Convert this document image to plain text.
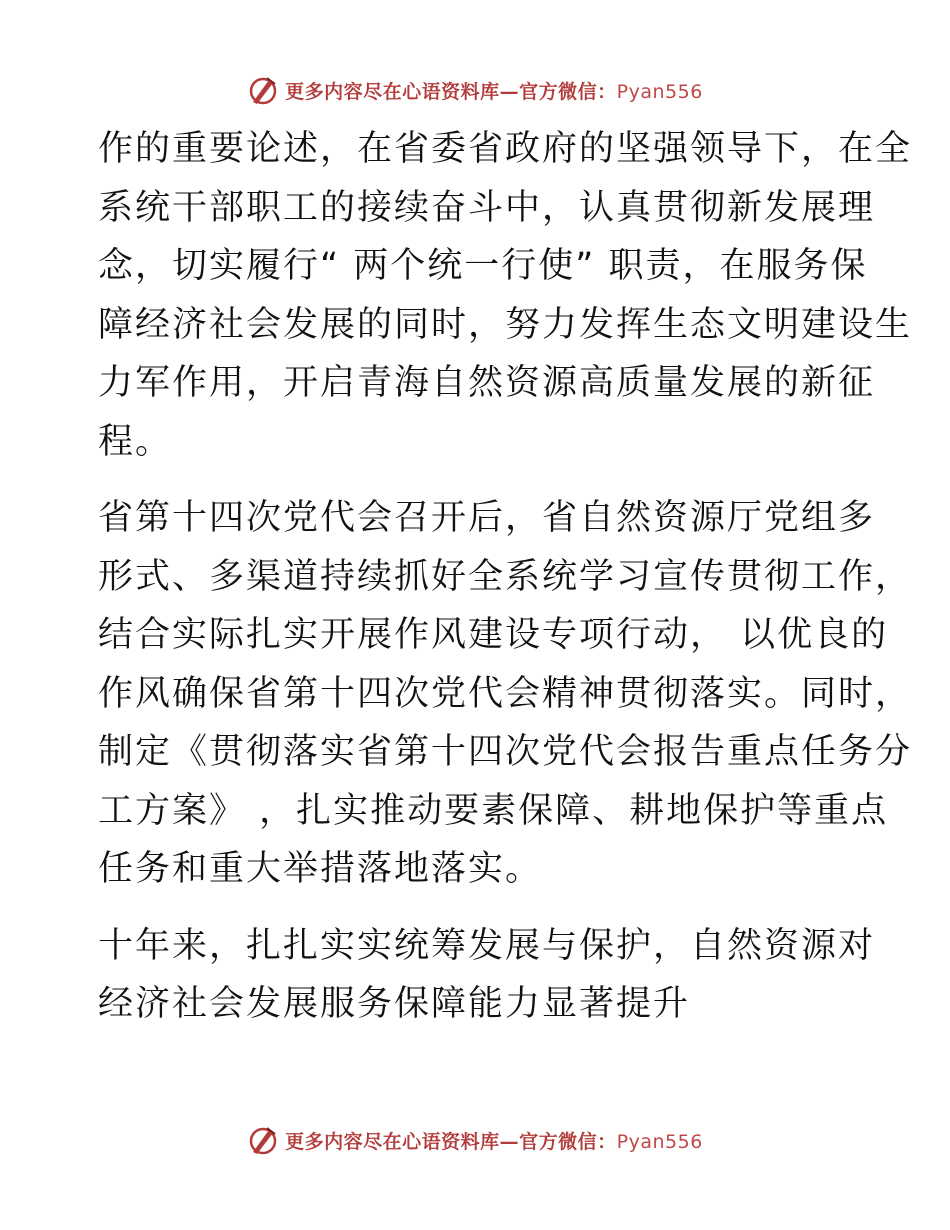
更多内容尽在心语资料库—官方微信：Pyan556

作的重要论述，在省委省政府的坚强领导下，在全
系统干部职工的接续奋斗中，认真贯彻新发展理
念，切实履行“ 两个统一行使” 职责，在服务保
障经济社会发展的同时，努力发挥生态文明建设生
力军作用，开启青海自然资源高质量发展的新征
程。

省第十四次党代会召开后，省自然资源厅党组多
形式、多渠道持续抓好全系统学习宣传贯彻工作，
结合实际扎实开展作风建设专项行动， 以优良的
作风确保省第十四次党代会精神贯彻落实。同时，
制定《贯彻落实省第十四次党代会报告重点任务分
工方案》 ，扎实推动要素保障、耕地保护等重点
任务和重大举措落地落实。

十年来，扎扎实实统筹发展与保护，自然资源对
经济社会发展服务保障能力显著提升

更多内容尽在心语资料库—官方微信：Pyan556
